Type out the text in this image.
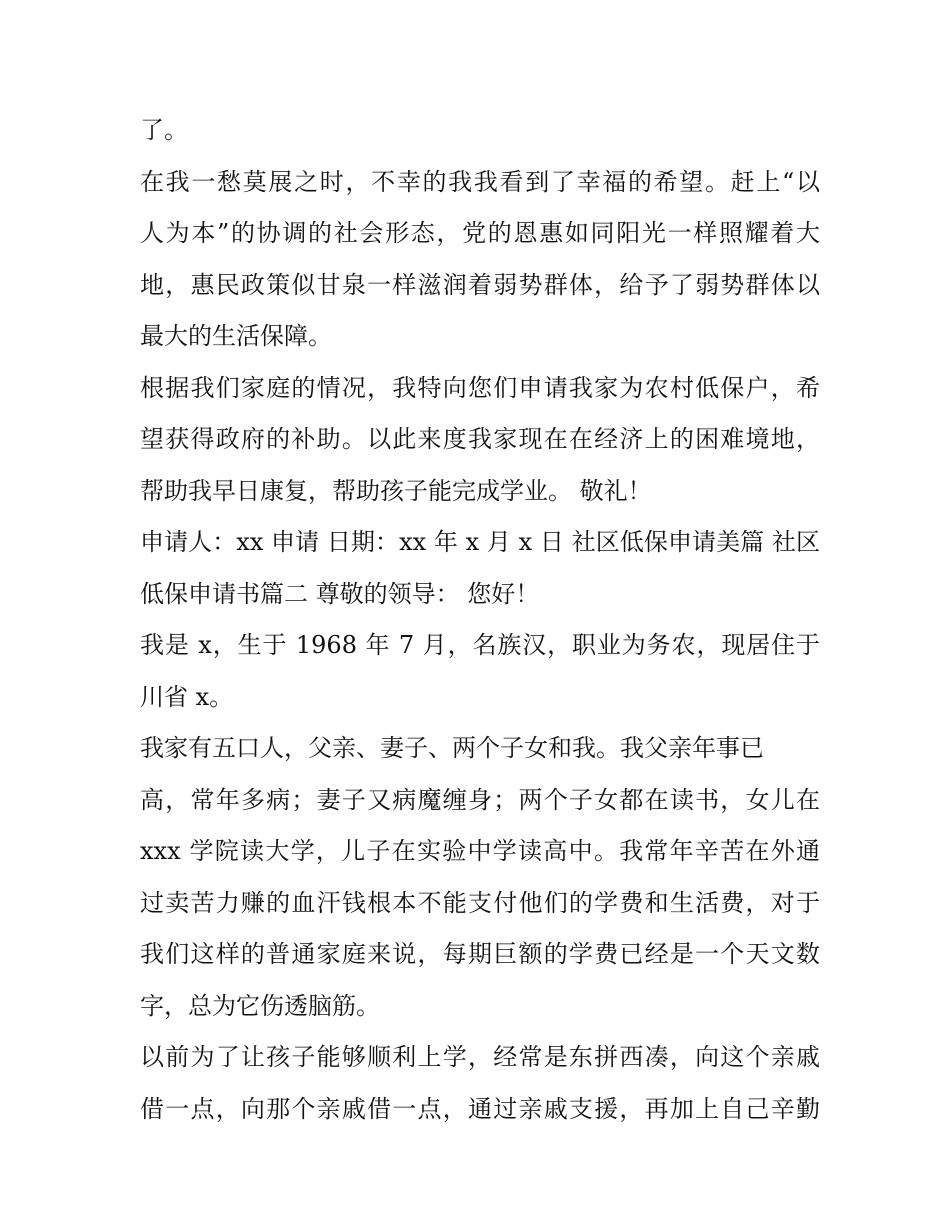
了。
在我一愁莫展之时，不幸的我我看到了幸福的希望。赶上“以
人为本”的协调的社会形态，党的恩惠如同阳光一样照耀着大
地，惠民政策似甘泉一样滋润着弱势群体，给予了弱势群体以
最大的生活保障。
根据我们家庭的情况，我特向您们申请我家为农村低保户，希
望获得政府的补助。以此来度我家现在在经济上的困难境地，
帮助我早日康复，帮助孩子能完成学业。 敬礼！
申请人：xx 申请 日期：xx 年 x 月 x 日 社区低保申请美篇 社区
低保申请书篇二 尊敬的领导： 您好！
我是 x，生于 1968 年 7 月，名族汉，职业为务农，现居住于
川省 x。
我家有五口人，父亲、妻子、两个子女和我。我父亲年事已
高，常年多病；妻子又病魔缠身；两个子女都在读书，女儿在
xxx 学院读大学，儿子在实验中学读高中。我常年辛苦在外通
过卖苦力赚的血汗钱根本不能支付他们的学费和生活费，对于
我们这样的普通家庭来说，每期巨额的学费已经是一个天文数
字，总为它伤透脑筋。
以前为了让孩子能够顺利上学，经常是东拼西凑，向这个亲戚
借一点，向那个亲戚借一点，通过亲戚支援，再加上自己辛勤
